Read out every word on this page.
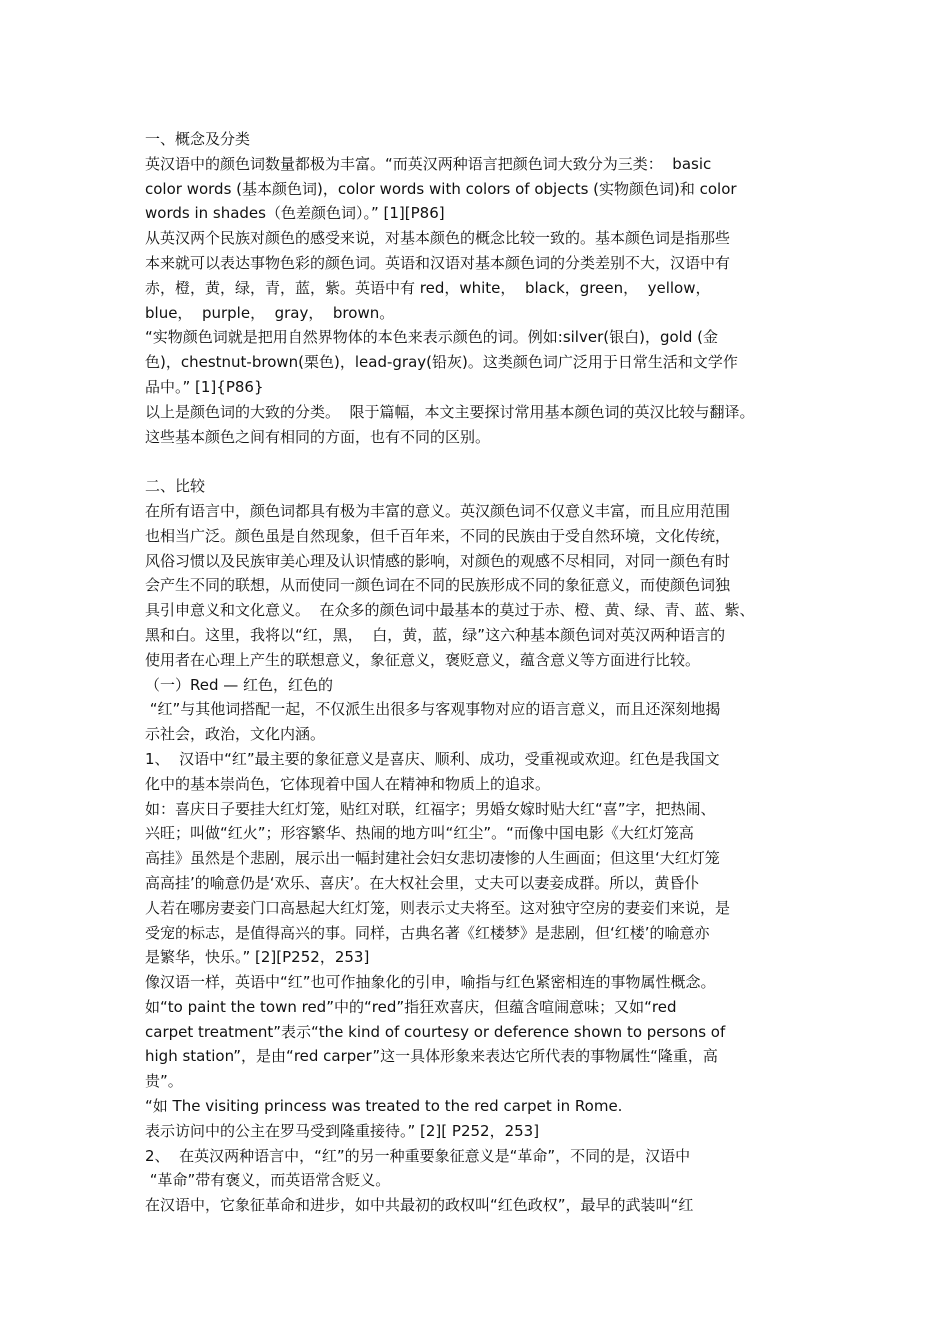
一、概念及分类
英汉语中的颜色词数量都极为丰富。“而英汉两种语言把颜色词大致分为三类：  basic
color words (基本颜色词)，color words with colors of objects (实物颜色词)和 color
words in shades（色差颜色词）。” [1][P86]
从英汉两个民族对颜色的感受来说，对基本颜色的概念比较一致的。基本颜色词是指那些
本来就可以表达事物色彩的颜色词。英语和汉语对基本颜色词的分类差别不大，汉语中有
赤，橙，黄，绿，青，蓝，紫。英语中有 red，white，  black，green，  yellow，
blue，  purple，  gray，  brown。
“实物颜色词就是把用自然界物体的本色来表示颜色的词。例如:silver(银白)，gold (金
色)，chestnut-brown(栗色)，lead-gray(铅灰)。这类颜色词广泛用于日常生活和文学作
品中。” [1]{P86}
以上是颜色词的大致的分类。  限于篇幅，本文主要探讨常用基本颜色词的英汉比较与翻译。
这些基本颜色之间有相同的方面，也有不同的区别。
二、比较
在所有语言中，颜色词都具有极为丰富的意义。英汉颜色词不仅意义丰富，而且应用范围
也相当广泛。颜色虽是自然现象，但千百年来，不同的民族由于受自然环境，文化传统，
风俗习惯以及民族审美心理及认识情感的影响，对颜色的观感不尽相同，对同一颜色有时
会产生不同的联想，从而使同一颜色词在不同的民族形成不同的象征意义，而使颜色词独
具引申意义和文化意义。  在众多的颜色词中最基本的莫过于赤、橙、黄、绿、青、蓝、紫、
黑和白。这里，我将以“红，黑，  白，黄，蓝，绿”这六种基本颜色词对英汉两种语言的
使用者在心理上产生的联想意义，象征意义，褒贬意义，蕴含意义等方面进行比较。
（一）Red — 红色，红色的
“红”与其他词搭配一起，不仅派生出很多与客观事物对应的语言意义，而且还深刻地揭
示社会，政治，文化内涵。
1、  汉语中“红”最主要的象征意义是喜庆、顺利、成功，受重视或欢迎。红色是我国文
化中的基本崇尚色，它体现着中国人在精神和物质上的追求。
如：喜庆日子要挂大红灯笼，贴红对联，红福字；男婚女嫁时贴大红“喜”字，把热闹、
兴旺；叫做“红火”；形容繁华、热闹的地方叫“红尘”。“而像中国电影《大红灯笼高
高挂》虽然是个悲剧，展示出一幅封建社会妇女悲切凄惨的人生画面；但这里‘大红灯笼
高高挂’的喻意仍是‘欢乐、喜庆’。在大权社会里，丈夫可以妻妾成群。所以，黄昏仆
人若在哪房妻妾门口高悬起大红灯笼，则表示丈夫将至。这对独守空房的妻妾们来说，是
受宠的标志，是值得高兴的事。同样，古典名著《红楼梦》是悲剧，但‘红楼’的喻意亦
是繁华，快乐。” [2][P252，253]
像汉语一样，英语中“红”也可作抽象化的引申，喻指与红色紧密相连的事物属性概念。
如“to paint the town red”中的“red”指狂欢喜庆，但蕴含喧闹意味；又如“red
carpet treatment”表示“the kind of courtesy or deference shown to persons of
high station”，是由“red carper”这一具体形象来表达它所代表的事物属性“隆重，高
贵”。
“如 The visiting princess was treated to the red carpet in Rome.
表示访问中的公主在罗马受到隆重接待。” [2][ P252，253]
2、  在英汉两种语言中，“红”的另一种重要象征意义是“革命”，不同的是，汉语中
“革命”带有褒义，而英语常含贬义。
在汉语中，它象征革命和进步，如中共最初的政权叫“红色政权”，最早的武装叫“红
